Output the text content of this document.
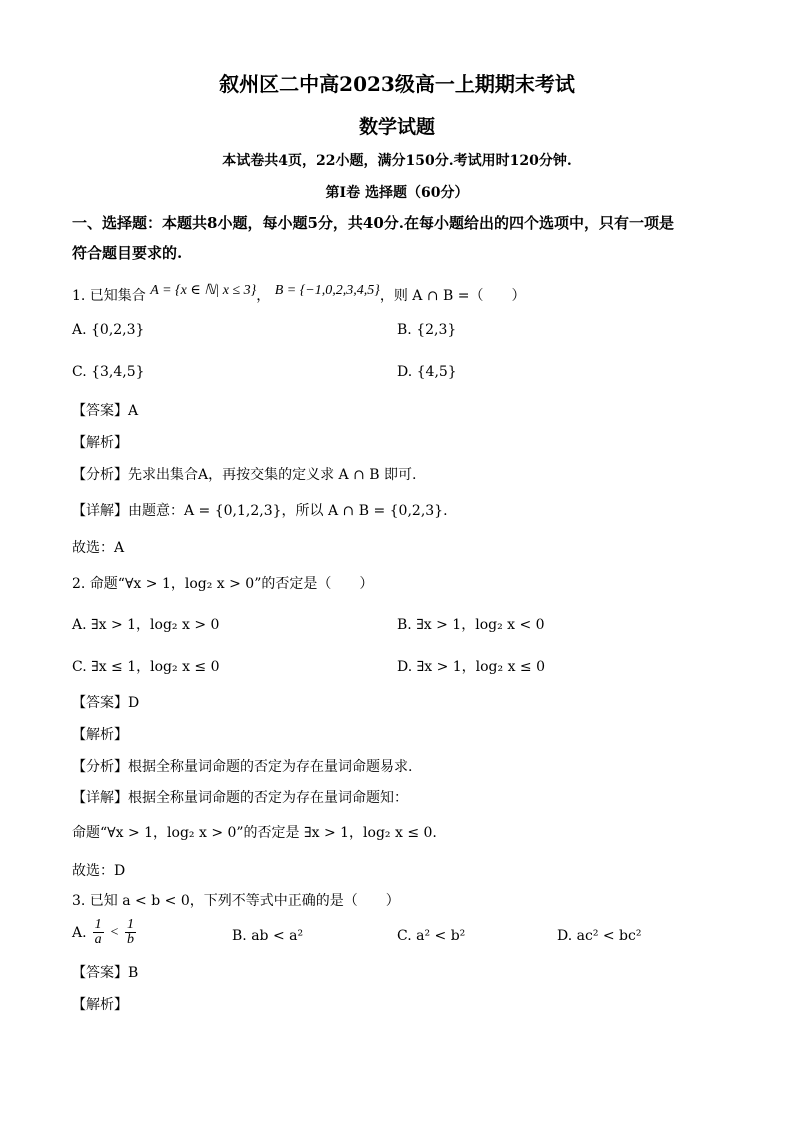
叙州区二中高2023级高一上期期末考试
数学试题
本试卷共4页，22小题，满分150分.考试用时120分钟.
第I卷 选择题（60分）
一、选择题：本题共8小题，每小题5分，共40分.在每小题给出的四个选项中，只有一项是
符合题目要求的.
1. 已知集合 A = {x ∈ ℕ| x ≤ 3}， B = {−1,0,2,3,4,5}，则 A ∩ B =（　　）
A. {0,2,3}	B. {2,3}
C. {3,4,5}	D. {4,5}
【答案】A
【解析】
【分析】先求出集合A，再按交集的定义求 A ∩ B 即可.
【详解】由题意：A = {0,1,2,3}，所以 A ∩ B = {0,2,3}.
故选：A
2. 命题“∀x > 1，log₂ x > 0”的否定是（　　）
A. ∃x > 1，log₂ x > 0	B. ∃x > 1，log₂ x < 0
C. ∃x ≤ 1，log₂ x ≤ 0	D. ∃x > 1，log₂ x ≤ 0
【答案】D
【解析】
【分析】根据全称量词命题的否定为存在量词命题易求.
【详解】根据全称量词命题的否定为存在量词命题知：
命题“∀x > 1，log₂ x > 0”的否定是 ∃x > 1，log₂ x ≤ 0.
故选：D
3. 已知 a < b < 0，下列不等式中正确的是（　　）
A. $\frac{1}{a} < \frac{1}{b}$	B. ab < a²	C. a² < b²	D. ac² < bc²
【答案】B
【解析】
